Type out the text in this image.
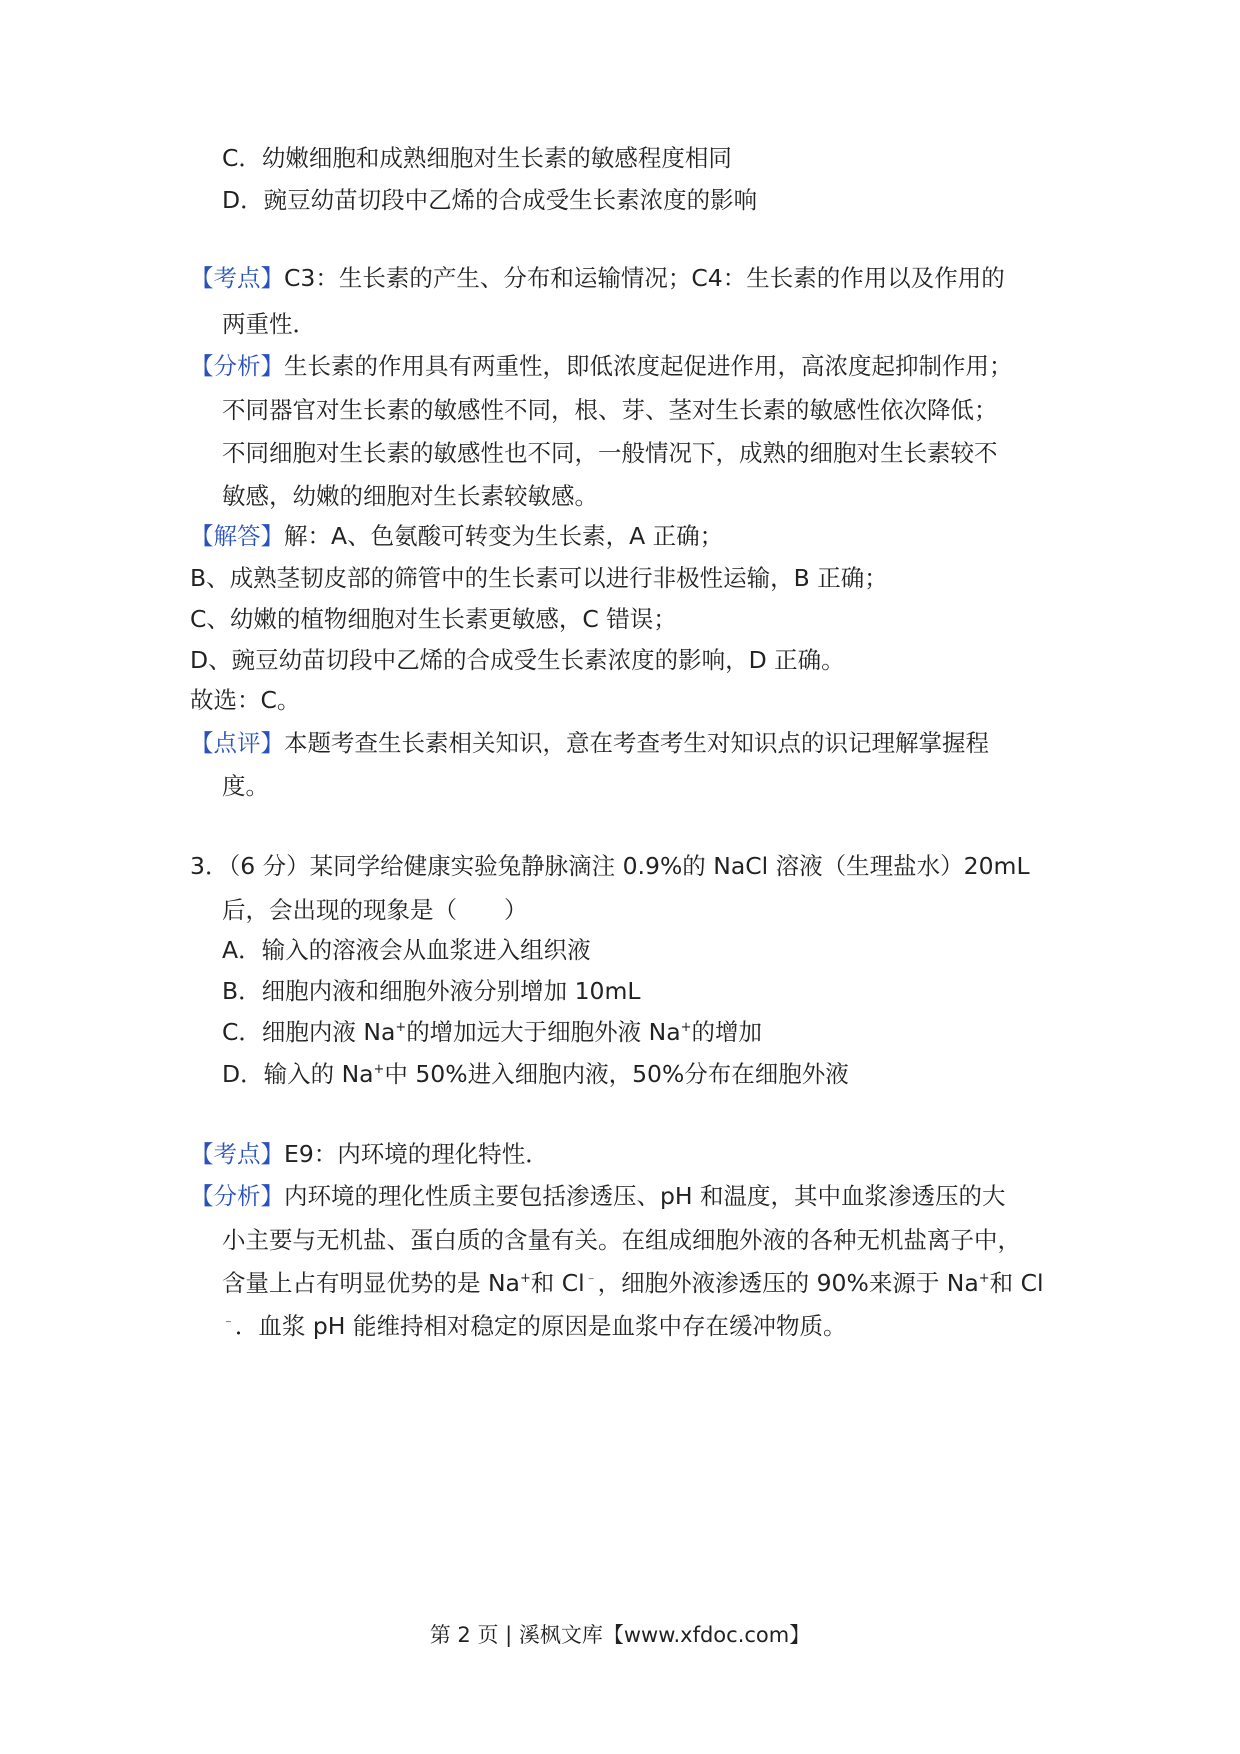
C．幼嫩细胞和成熟细胞对生长素的敏感程度相同
D．豌豆幼苗切段中乙烯的合成受生长素浓度的影响
【考点】C3：生长素的产生、分布和运输情况；C4：生长素的作用以及作用的
两重性．
【分析】生长素的作用具有两重性，即低浓度起促进作用，高浓度起抑制作用；
不同器官对生长素的敏感性不同，根、芽、茎对生长素的敏感性依次降低；
不同细胞对生长素的敏感性也不同，一般情况下，成熟的细胞对生长素较不
敏感，幼嫩的细胞对生长素较敏感。
【解答】解：A、色氨酸可转变为生长素，A 正确；
B、成熟茎韧皮部的筛管中的生长素可以进行非极性运输，B 正确；
C、幼嫩的植物细胞对生长素更敏感，C 错误；
D、豌豆幼苗切段中乙烯的合成受生长素浓度的影响，D 正确。
故选：C。
【点评】本题考查生长素相关知识，意在考查考生对知识点的识记理解掌握程
度。
3．（6 分）某同学给健康实验兔静脉滴注 0.9%的 NaCl 溶液（生理盐水）20mL
后，会出现的现象是（　　）
A．输入的溶液会从血浆进入组织液
B．细胞内液和细胞外液分别增加 10mL
C．细胞内液 Na+的增加远大于细胞外液 Na+的增加
D．输入的 Na+中 50%进入细胞内液，50%分布在细胞外液
【考点】E9：内环境的理化特性．
【分析】内环境的理化性质主要包括渗透压、pH 和温度，其中血浆渗透压的大
小主要与无机盐、蛋白质的含量有关。在组成细胞外液的各种无机盐离子中，
含量上占有明显优势的是 Na+和 Cl﹣，细胞外液渗透压的 90%来源于 Na+和 Cl
﹣．血浆 pH 能维持相对稳定的原因是血浆中存在缓冲物质。
第 2 页 | 溪枫文库【www.xfdoc.com】
